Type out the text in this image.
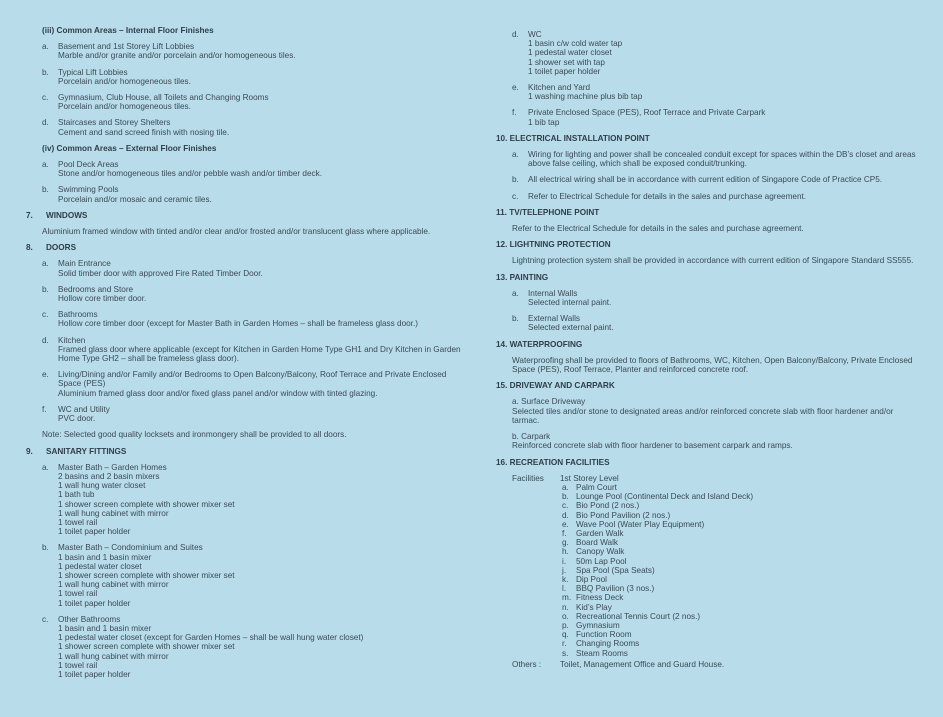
(iii) Common Areas – Internal Floor Finishes
a.	Basement and 1st Storey Lift Lobbies
Marble and/or granite and/or porcelain and/or homogeneous tiles.
b.	Typical Lift Lobbies
Porcelain and/or homogeneous tiles.
c.	Gymnasium, Club House, all Toilets and Changing Rooms
Porcelain and/or homogeneous tiles.
d.	Staircases and Storey Shelters
Cement and sand screed finish with nosing tile.
(iv) Common Areas – External Floor Finishes
a.	Pool Deck Areas
Stone and/or homogeneous tiles and/or pebble wash and/or timber deck.
b.	Swimming Pools
Porcelain and/or mosaic and ceramic tiles.
7.	WINDOWS
Aluminium framed window with tinted and/or clear and/or frosted and/or translucent glass where applicable.
8.	DOORS
a.	Main Entrance
Solid timber door with approved Fire Rated Timber Door.
b.	Bedrooms and Store
Hollow core timber door.
c.	Bathrooms
Hollow core timber door (except for Master Bath in Garden Homes – shall be frameless glass door.)
d.	Kitchen
Framed glass door where applicable (except for Kitchen in Garden Home Type GH1 and Dry Kitchen in Garden Home Type GH2 – shall be frameless glass door).
e.	Living/Dining and/or Family and/or Bedrooms to Open Balcony/Balcony, Roof Terrace and Private Enclosed Space (PES)
Aluminium framed glass door and/or fixed glass panel and/or window with tinted glazing.
f.	WC and Utility
PVC door.
Note: Selected good quality locksets and ironmongery shall be provided to all doors.
9.	SANITARY FITTINGS
a.	Master Bath – Garden Homes
2 basins and 2 basin mixers
1 wall hung water closet
1 bath tub
1 shower screen complete with shower mixer set
1 wall hung cabinet with mirror
1 towel rail
1 toilet paper holder
b.	Master Bath – Condominium and Suites
1 basin and 1 basin mixer
1 pedestal water closet
1 shower screen complete with shower mixer set
1 wall hung cabinet with mirror
1 towel rail
1 toilet paper holder
c.	Other Bathrooms
1 basin and 1 basin mixer
1 pedestal water closet (except for Garden Homes – shall be wall hung water closet)
1 shower screen complete with shower mixer set
1 wall hung cabinet with mirror
1 towel rail
1 toilet paper holder
d.	WC
1 basin c/w cold water tap
1 pedestal water closet
1 shower set with tap
1 toilet paper holder
e.	Kitchen and Yard
1 washing machine plus bib tap
f.	Private Enclosed Space (PES), Roof Terrace and Private Carpark
1 bib tap
10. ELECTRICAL INSTALLATION POINT
a.	Wiring for lighting and power shall be concealed conduit except for spaces within the DB’s closet and areas above false ceiling, which shall be exposed conduit/trunking.
b.	All electrical wiring shall be in accordance with current edition of Singapore Code of Practice CP5.
c.	Refer to Electrical Schedule for details in the sales and purchase agreement.
11. TV/TELEPHONE POINT
Refer to the Electrical Schedule for details in the sales and purchase agreement.
12. LIGHTNING PROTECTION
Lightning protection system shall be provided in accordance with current edition of Singapore Standard SS555.
13. PAINTING
a.	Internal Walls
Selected internal paint.
b.	External Walls
Selected external paint.
14. WATERPROOFING
Waterproofing shall be provided to floors of Bathrooms, WC, Kitchen, Open Balcony/Balcony, Private Enclosed Space (PES), Roof Terrace, Planter and reinforced concrete roof.
15. DRIVEWAY AND CARPARK
a. Surface Driveway
Selected tiles and/or stone to designated areas and/or reinforced concrete slab with floor hardener and/or tarmac.
b. Carpark
Reinforced concrete slab with floor hardener to basement carpark and ramps.
16. RECREATION FACILITIES
Facilities	1st Storey Level
a. Palm Court
b. Lounge Pool (Continental Deck and Island Deck)
c. Bio Pond (2 nos.)
d. Bio Pond Pavilion (2 nos.)
e. Wave Pool (Water Play Equipment)
f.	Garden Walk
g. Board Walk
h. Canopy Walk
i.	50m Lap Pool
j.	Spa Pool (Spa Seats)
k. Dip Pool
l.	BBQ Pavilion (3 nos.)
m. Fitness Deck
n. Kid’s Play
o. Recreational Tennis Court (2 nos.)
p. Gymnasium
q. Function Room
r.	Changing Rooms
s. Steam Rooms
Others :	Toilet, Management Office and Guard House.
